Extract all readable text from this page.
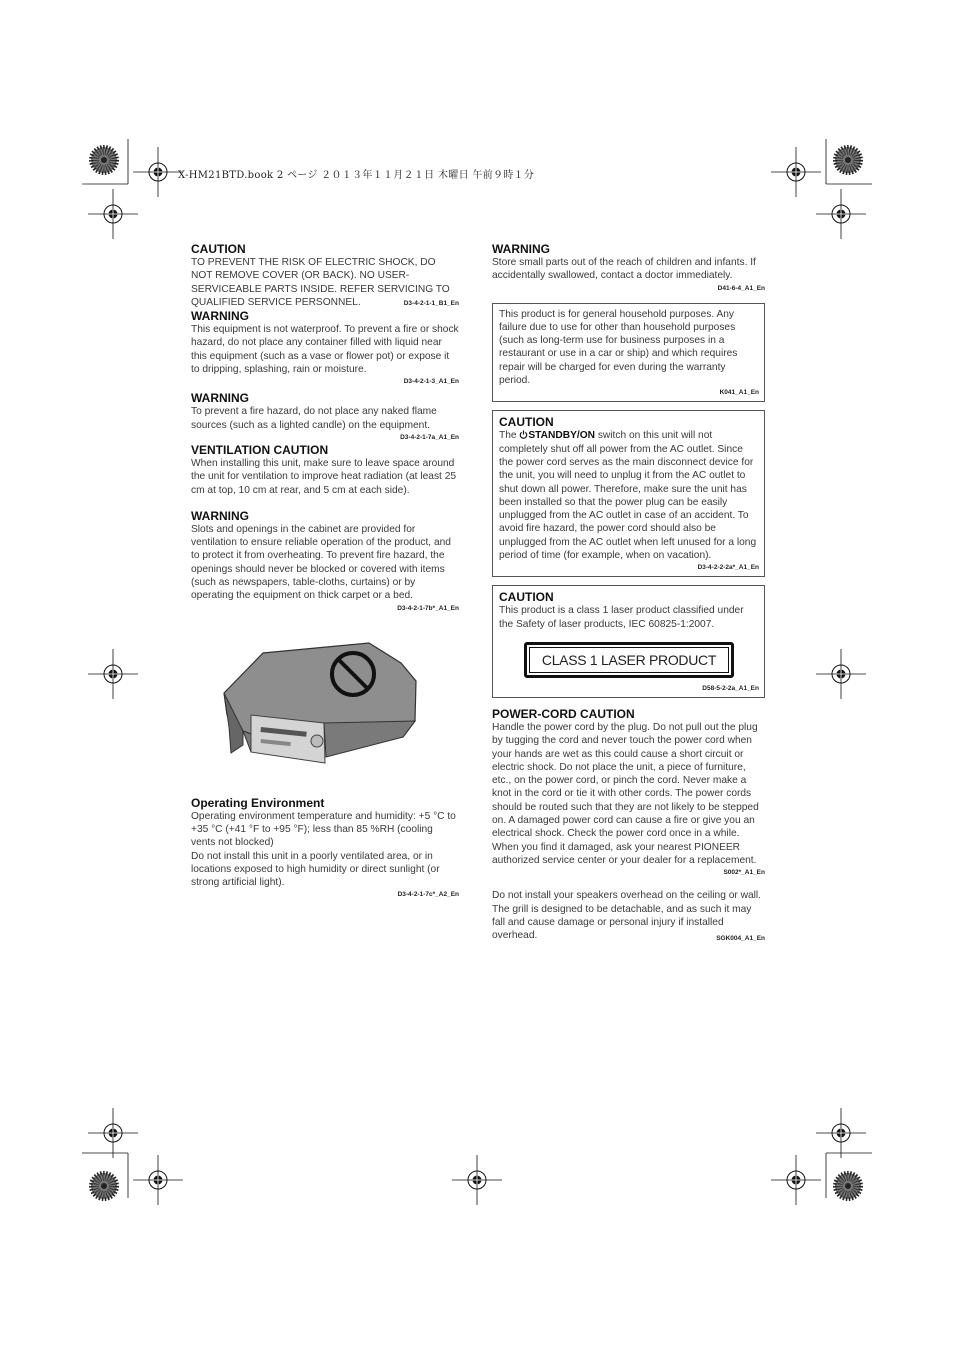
X-HM21BTD.book 2 ページ ２０１３年１１月２１日 木曜日 午前９時１分

CAUTION

TO PREVENT THE RISK OF ELECTRIC SHOCK, DO NOT REMOVE COVER (OR BACK). NO USER-SERVICEABLE PARTS INSIDE. REFER SERVICING TO QUALIFIED SERVICE PERSONNEL.	D3-4-2-1-1_B1_En

WARNING

This equipment is not waterproof. To prevent a fire or shock hazard, do not place any container filled with liquid near this equipment (such as a vase or flower pot) or expose it to dripping, splashing, rain or moisture.

D3-4-2-1-3_A1_En

WARNING

To prevent a fire hazard, do not place any naked flame sources (such as a lighted candle) on the equipment.

D3-4-2-1-7a_A1_En

VENTILATION CAUTION

When installing this unit, make sure to leave space around the unit for ventilation to improve heat radiation (at least 25 cm at top, 10 cm at rear, and 5 cm at each side).

WARNING

Slots and openings in the cabinet are provided for ventilation to ensure reliable operation of the product, and to protect it from overheating. To prevent fire hazard, the openings should never be blocked or covered with items (such as newspapers, table-cloths, curtains) or by operating the equipment on thick carpet or a bed.

D3-4-2-1-7b*_A1_En

Operating Environment

Operating environment temperature and humidity: +5 °C to +35 °C (+41 °F to +95 °F); less than 85 %RH (cooling vents not blocked)

Do not install this unit in a poorly ventilated area, or in locations exposed to high humidity or direct sunlight (or strong artificial light).

D3-4-2-1-7c*_A2_En

WARNING

Store small parts out of the reach of children and infants. If accidentally swallowed, contact a doctor immediately.

D41-6-4_A1_En

This product is for general household purposes. Any failure due to use for other than household purposes (such as long-term use for business purposes in a restaurant or use in a car or ship) and which requires repair will be charged for even during the warranty period.

K041_A1_En

CAUTION

The STANDBY/ON switch on this unit will not completely shut off all power from the AC outlet. Since the power cord serves as the main disconnect device for the unit, you will need to unplug it from the AC outlet to shut down all power. Therefore, make sure the unit has been installed so that the power plug can be easily unplugged from the AC outlet in case of an accident. To avoid fire hazard, the power cord should also be unplugged from the AC outlet when left unused for a long period of time (for example, when on vacation).

D3-4-2-2-2a*_A1_En

CAUTION

This product is a class 1 laser product classified under the Safety of laser products, IEC 60825-1:2007.

CLASS 1 LASER PRODUCT

D58-5-2-2a_A1_En

POWER-CORD CAUTION

Handle the power cord by the plug. Do not pull out the plug by tugging the cord and never touch the power cord when your hands are wet as this could cause a short circuit or electric shock. Do not place the unit, a piece of furniture, etc., on the power cord, or pinch the cord. Never make a knot in the cord or tie it with other cords. The power cords should be routed such that they are not likely to be stepped on. A damaged power cord can cause a fire or give you an electrical shock. Check the power cord once in a while. When you find it damaged, ask your nearest PIONEER authorized service center or your dealer for a replacement.

S002*_A1_En

Do not install your speakers overhead on the ceiling or wall. The grill is designed to be detachable, and as such it may fall and cause damage or personal injury if installed overhead.	SGK004_A1_En
